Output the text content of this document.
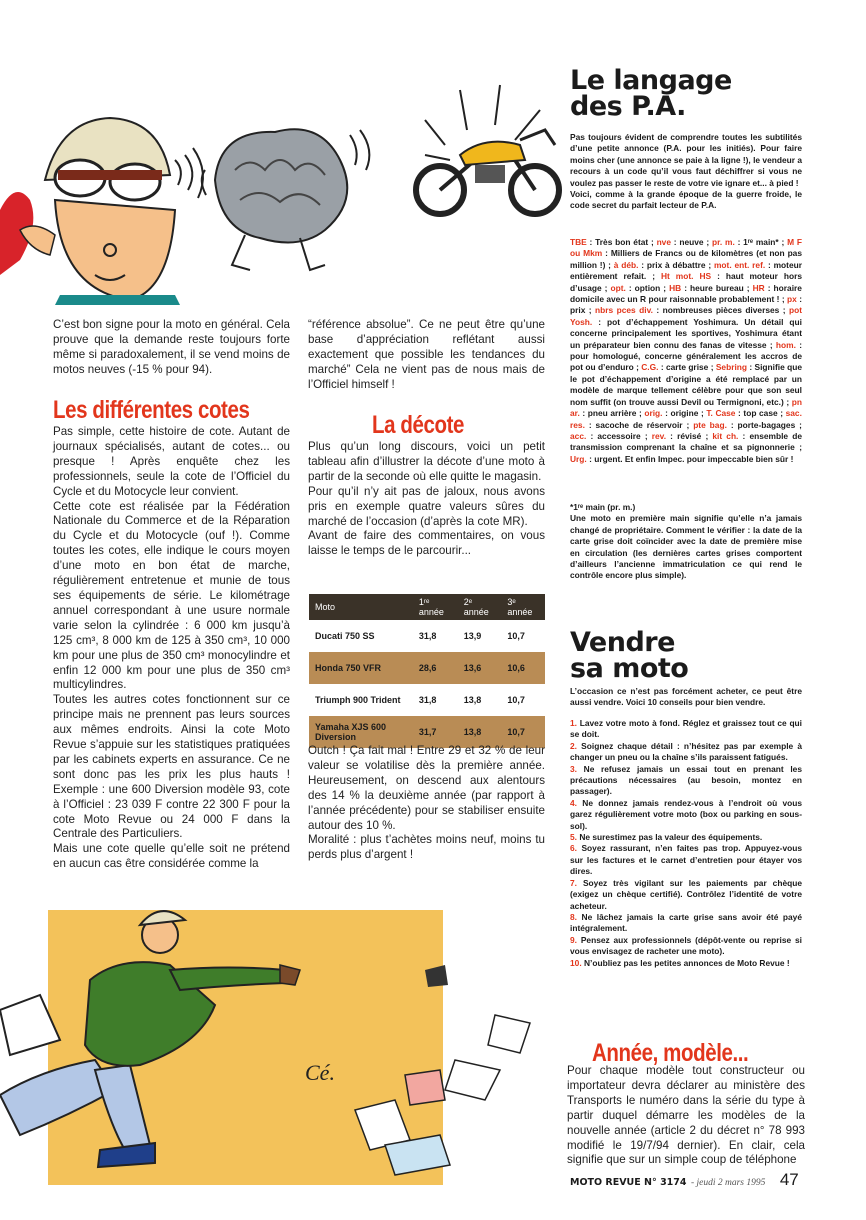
C’est bon signe pour la moto en général. Cela prouve que la demande reste toujours forte même si paradoxalement, il se vend moins de motos neuves (-15 % pour 94).

Les différentes cotes

Pas simple, cette histoire de cote. Autant de journaux spécialisés, autant de cotes... ou presque ! Après enquête chez les professionnels, seule la cote de l’Officiel du Cycle et du Motocycle leur convient.

Cette cote est réalisée par la Fédération Nationale du Commerce et de la Réparation du Cycle et du Motocycle (ouf !). Comme toutes les cotes, elle indique le cours moyen d’une moto en bon état de marche, régulièrement entretenue et munie de tous ses équipements de série. Le kilométrage annuel correspondant à une usure normale varie selon la cylindrée : 6 000 km jusqu’à 125 cm³, 8 000 km de 125 à 350 cm³, 10 000 km pour une plus de 350 cm³ monocylindre et enfin 12 000 km pour une plus de 350 cm³ multicylindres.

Toutes les autres cotes fonctionnent sur ce principe mais ne prennent pas leurs sources aux mêmes endroits. Ainsi la cote Moto Revue s’appuie sur les statistiques pratiquées par les cabinets experts en assurance. Ce ne sont donc pas les prix les plus hauts ! Exemple : une 600 Diversion modèle 93, cote à l’Officiel : 23 039 F contre 22 300 F pour la cote Moto Revue ou 24 000 F dans la Centrale des Particuliers.

Mais une cote quelle qu’elle soit ne prétend en aucun cas être considérée comme la

“référence absolue”. Ce ne peut être qu’une base d’appréciation reflétant aussi exactement que possible les tendances du marché” Cela ne vient pas de nous mais de l’Officiel himself !

La décote

Plus qu’un long discours, voici un petit tableau afin d’illustrer la décote d’une moto à partir de la seconde où elle quitte le magasin.

Pour qu’il n’y ait pas de jaloux, nous avons pris en exemple quatre valeurs sûres du marché de l’occasion (d’après la cote MR).

Avant de faire des commentaires, on vous laisse le temps de le parcourir...

Moto	1ʳᵉ année	2ᵉ année	3ᵉ année
Ducati 750 SS	31,8	13,9	10,7
Honda 750 VFR	28,6	13,6	10,6
Triumph 900 Trident	31,8	13,8	10,7
Yamaha XJS 600 Diversion	31,7	13,8	10,7

Outch ! Ça fait mal ! Entre 29 et 32 % de leur valeur se volatilise dès la première année. Heureusement, on descend aux alentours des 14 % la deuxième année (par rapport à l’année précédente) pour se stabiliser ensuite autour des 10 %.

Moralité : plus t’achètes moins neuf, moins tu perds plus d’argent !

Le langage
des P.A.

Pas toujours évident de comprendre toutes les subtilités d’une petite annonce (P.A. pour les initiés). Pour faire moins cher (une annonce se paie à la ligne !), le vendeur a recours à un code qu’il vous faut déchiffrer si vous ne voulez pas passer le reste de votre vie ignare et... à pied !

Voici, comme à la grande époque de la guerre froide, le code secret du parfait lecteur de P.A.

TBE : Très bon état ; nve : neuve ; pr. m. : 1ʳᵉ main* ; M F ou Mkm : Milliers de Francs ou de kilomètres (et non pas million !) ; à déb. : prix à débattre ; mot. ent. ref. : moteur entièrement refait. ; Ht mot. HS : haut moteur hors d’usage ; opt. : option ; HB : heure bureau ; HR : horaire domicile avec un R pour raisonnable probablement ! ; px : prix ; nbrs pces div. : nombreuses pièces diverses ; pot Yosh. : pot d’échappement Yoshimura. Un détail qui concerne principalement les sportives, Yoshimura étant un préparateur bien connu des fanas de vitesse ; hom. : pour homologué, concerne généralement les accros de pot ou d’enduro ; C.G. : carte grise ; Sebring : Signifie que le pot d’échappement d’origine a été remplacé par un modèle de marque tellement célèbre pour que son seul nom suffit (on trouve aussi Devil ou Termignoni, etc.) ; pn ar. : pneu arrière ; orig. : origine ; T. Case : top case ; sac. res. : sacoche de réservoir ; pte bag. : porte-bagages ; acc. : accessoire ; rev. : révisé ; kit ch. : ensemble de transmission comprenant la chaîne et sa pignonnerie ; Urg. : urgent. Et enfin Impec. pour impeccable bien sûr !

*1ʳᵉ main (pr. m.)

Une moto en première main signifie qu’elle n’a jamais changé de propriétaire. Comment le vérifier : la date de la carte grise doit coïncider avec la date de première mise en circulation (les dernières cartes grises comportent d’ailleurs l’ancienne immatriculation ce qui rend le contrôle encore plus simple).

Vendre
sa moto

L’occasion ce n’est pas forcément acheter, ce peut être aussi vendre. Voici 10 conseils pour bien vendre.

1. Lavez votre moto à fond. Réglez et graissez tout ce qui se doit.

2. Soignez chaque détail : n’hésitez pas par exemple à changer un pneu ou la chaîne s’ils paraissent fatigués.

3. Ne refusez jamais un essai tout en prenant les précautions nécessaires (au besoin, montez en passager).

4. Ne donnez jamais rendez-vous à l’endroit où vous garez régulièrement votre moto (box ou parking en sous-sol).

5. Ne surestimez pas la valeur des équipements.

6. Soyez rassurant, n’en faites pas trop. Appuyez-vous sur les factures et le carnet d’entretien pour étayer vos dires.

7. Soyez très vigilant sur les paiements par chèque (exigez un chèque certifié). Contrôlez l’identité de votre acheteur.

8. Ne lâchez jamais la carte grise sans avoir été payé intégralement.

9. Pensez aux professionnels (dépôt-vente ou reprise si vous envisagez de racheter une moto).

10. N’oubliez pas les petites annonces de Moto Revue !

Cé.
Année, modèle...

Pour chaque modèle tout constructeur ou importateur devra déclarer au ministère des Transports le numéro dans la série du type à partir duquel démarre les modèles de la nouvelle année (article 2 du décret n° 78 993 modifié le 19/7/94 dernier). En clair, cela signifie que sur un simple coup de téléphone

MOTO REVUE N° 3174 - jeudi 2 mars 1995 47
